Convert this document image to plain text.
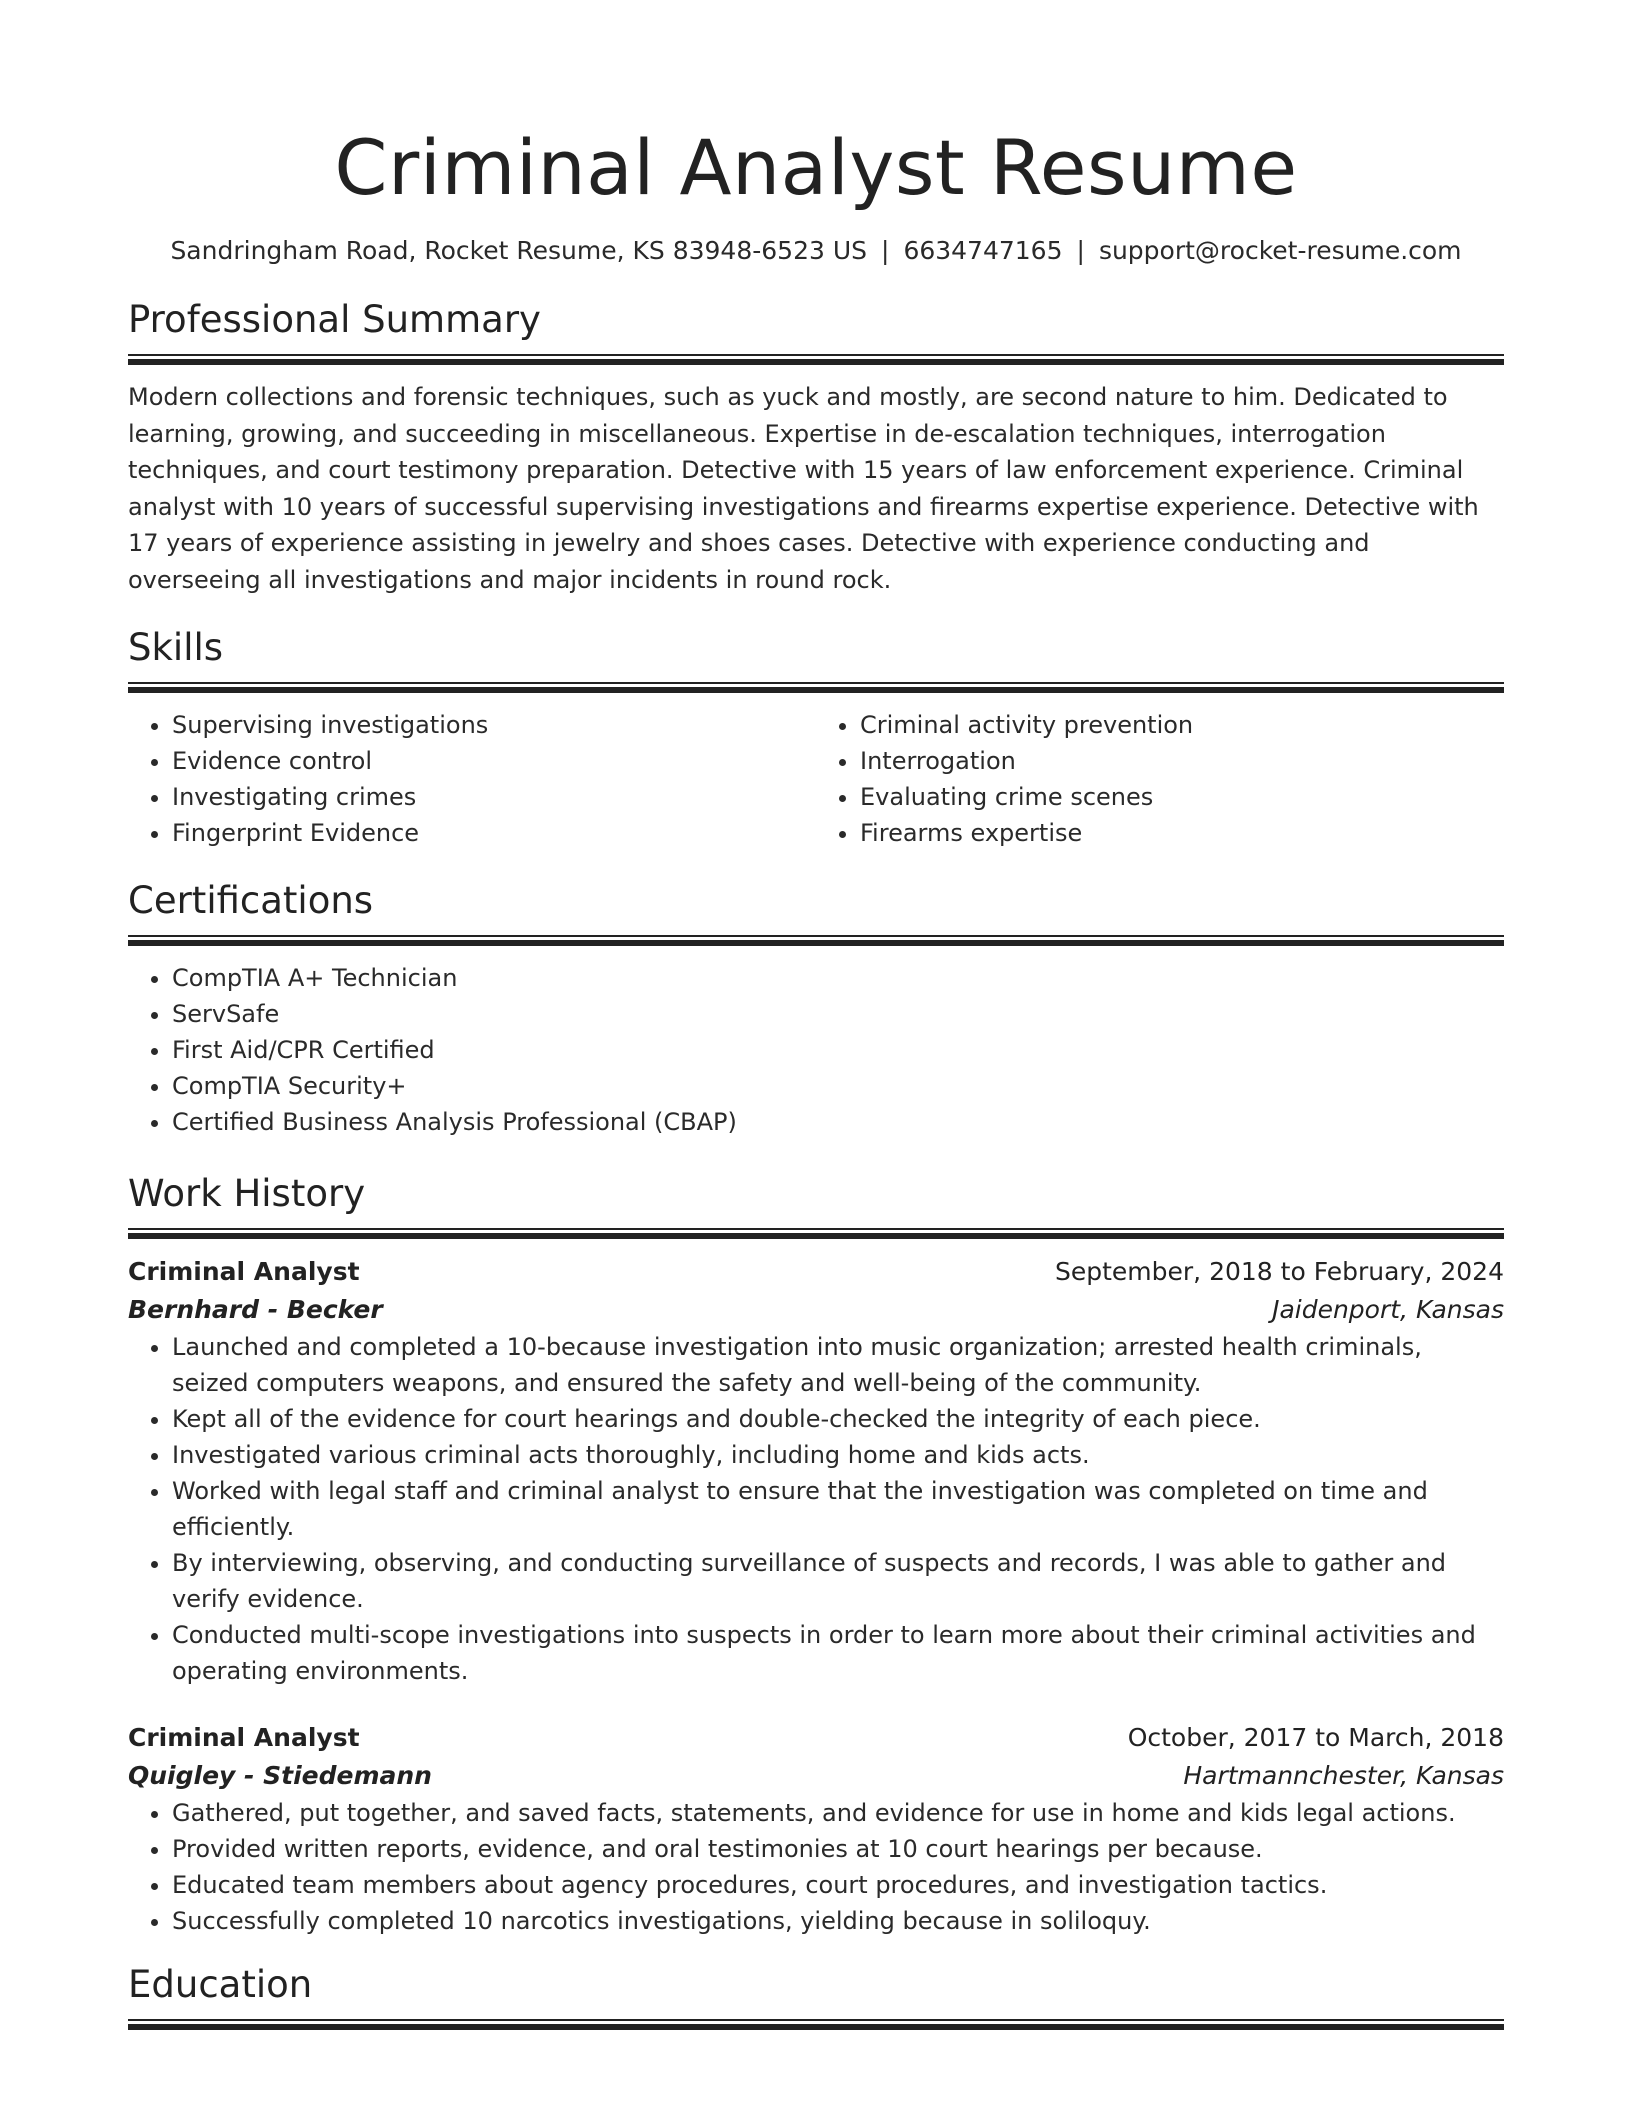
Criminal Analyst Resume
Sandringham Road, Rocket Resume, KS 83948-6523 US | 6634747165 | support@rocket-resume.com
Professional Summary
Modern collections and forensic techniques, such as yuck and mostly, are second nature to him. Dedicated to learning, growing, and succeeding in miscellaneous. Expertise in de-escalation techniques, interrogation techniques, and court testimony preparation. Detective with 15 years of law enforcement experience. Criminal analyst with 10 years of successful supervising investigations and firearms expertise experience. Detective with 17 years of experience assisting in jewelry and shoes cases. Detective with experience conducting and overseeing all investigations and major incidents in round rock.
Skills
• Supervising investigations
• Evidence control
• Investigating crimes
• Fingerprint Evidence
• Criminal activity prevention
• Interrogation
• Evaluating crime scenes
• Firearms expertise
Certifications
• CompTIA A+ Technician
• ServSafe
• First Aid/CPR Certified
• CompTIA Security+
• Certified Business Analysis Professional (CBAP)
Work History
Criminal Analyst	September, 2018 to February, 2024
Bernhard - Becker	Jaidenport, Kansas
• Launched and completed a 10-because investigation into music organization; arrested health criminals, seized computers weapons, and ensured the safety and well-being of the community.
• Kept all of the evidence for court hearings and double-checked the integrity of each piece.
• Investigated various criminal acts thoroughly, including home and kids acts.
• Worked with legal staff and criminal analyst to ensure that the investigation was completed on time and efficiently.
• By interviewing, observing, and conducting surveillance of suspects and records, I was able to gather and verify evidence.
• Conducted multi-scope investigations into suspects in order to learn more about their criminal activities and operating environments.
Criminal Analyst	October, 2017 to March, 2018
Quigley - Stiedemann	Hartmannchester, Kansas
• Gathered, put together, and saved facts, statements, and evidence for use in home and kids legal actions.
• Provided written reports, evidence, and oral testimonies at 10 court hearings per because.
• Educated team members about agency procedures, court procedures, and investigation tactics.
• Successfully completed 10 narcotics investigations, yielding because in soliloquy.
Education
